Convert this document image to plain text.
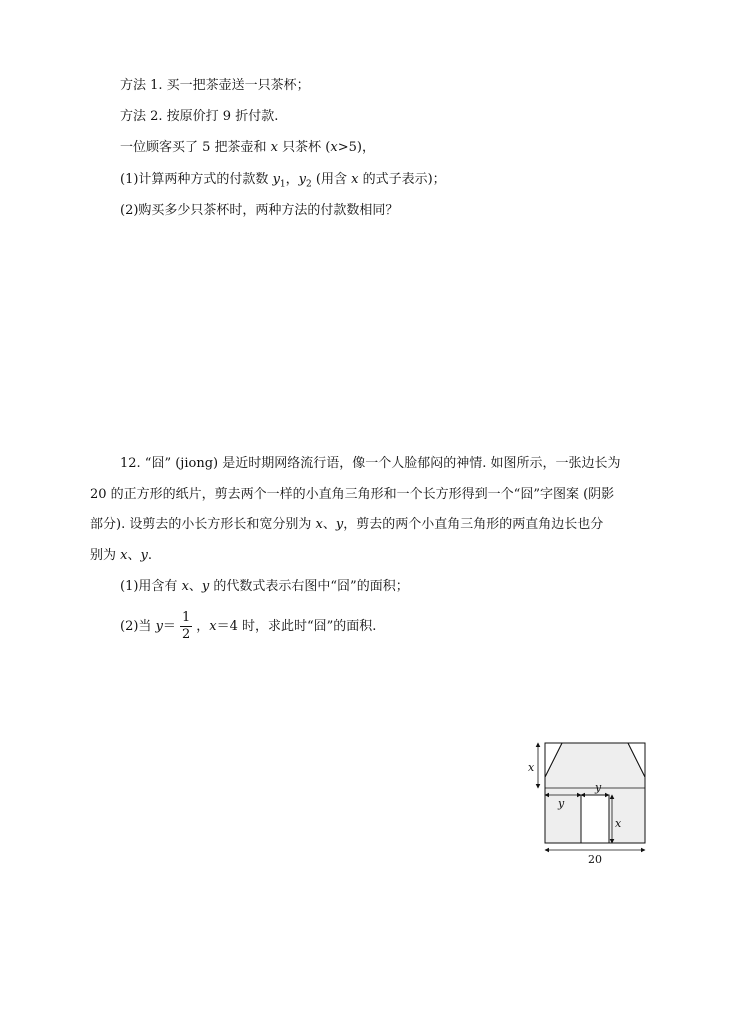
方法 1. 买一把茶壶送一只茶杯；
方法 2. 按原价打 9 折付款.
一位顾客买了 5 把茶壶和 x 只茶杯 (x>5)，
(1)计算两种方式的付款数 $y_1$，$y_2$ (用含 x 的式子表示)；
(2)购买多少只茶杯时，两种方法的付款数相同？
12. “囧” (jiong) 是近时期网络流行语，像一个人脸郁闷的神情. 如图所示，一张边长为
20 的正方形的纸片，剪去两个一样的小直角三角形和一个长方形得到一个“囧”字图案 (阴影
部分). 设剪去的小长方形长和宽分别为 x、y，剪去的两个小直角三角形的两直角边长也分
别为 x、y.
(1)用含有 x、y 的代数式表示右图中“囧”的面积；
(2)当 $y= \frac{1}{2}$ ，x＝4 时，求此时“囧”的面积.
x
y
y
x
20
